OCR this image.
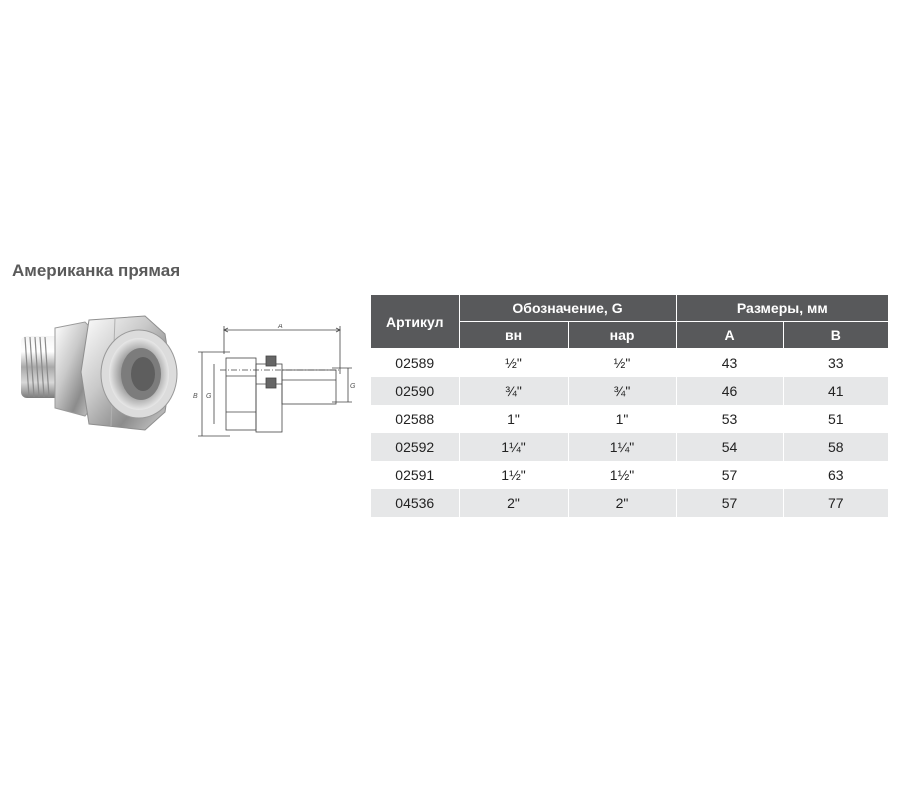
Американка прямая
A
B G
G
Артикул	Обозначение, G		Размеры, мм	
	вн	нар	A	B
02589	½"	½"	43	33
02590	¾"	¾"	46	41
02588	1"	1"	53	51
02592	1¼"	1¼"	54	58
02591	1½"	1½"	57	63
04536	2"	2"	57	77
